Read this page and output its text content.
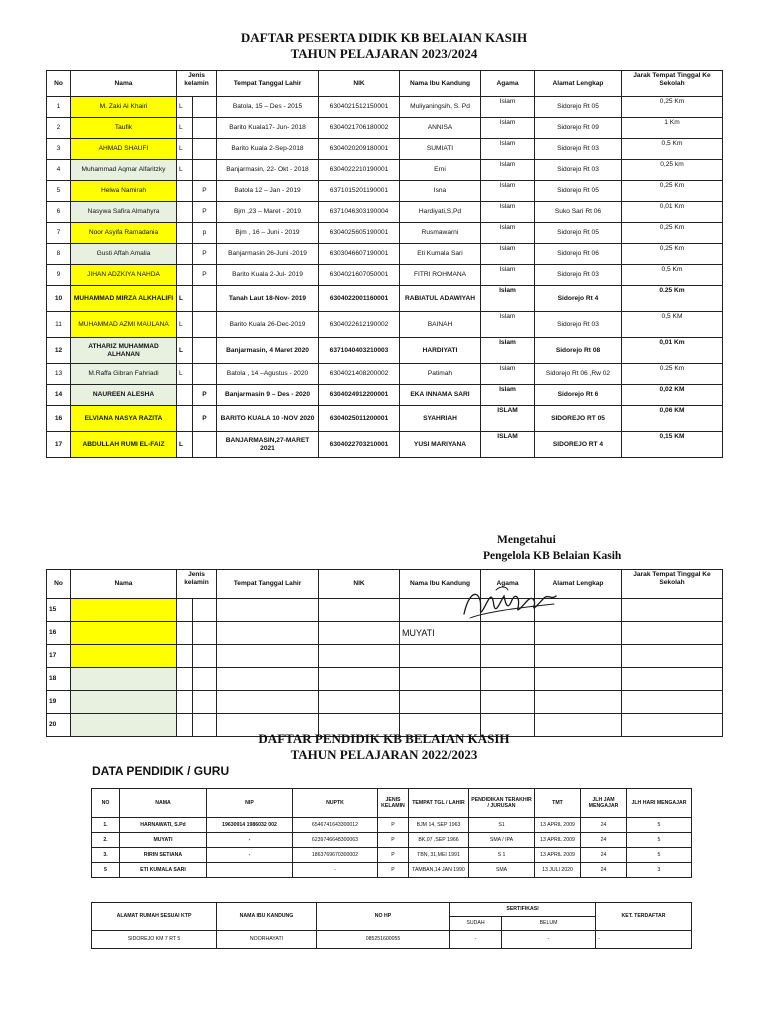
DAFTAR PESERTA DIDIK KB BELAIAN KASIH
TAHUN PELAJARAN 2023/2024
No	Nama	Jenis kelamin		Tempat Tanggal Lahir	NIK	Nama Ibu Kandung	Agama	Alamat Lengkap	Jarak Tempat Tinggal Ke Sekolah
1	M. Zaki Al Khairi	L		Batola, 15 – Des - 2015	6304021512150001	Muliyaningsih, S. Pd	Islam	Sidorejo Rt 05	0,25 Km
2	Taufik	L		Barito Kuala17- Jun- 2018	6304021706180002	ANNISA	Islam	Sidorejo Rt 09	1 Km
3	AHMAD SHAUFI	L		Barito Kuala 2-Sep-2018	6304020209180001	SUMIATI	Islam	Sidorejo Rt 03	0,5 Km
4	Muhammad Aqmar Alfaritzky	L		Banjarmasin, 22- Okt - 2018	6304022210190001	Erni	Islam	Sidorejo Rt 03	0,25 km
5	Helwa Namirah		P	Batola 12 – Jan - 2019	6371015201190001	Isna	Islam	Sidorejo Rt 05	0,25 Km
6	Nasywa Safira Almahyra		P	Bjm ,23 – Maret - 2019	6371046303190004	Hardiyati,S,Pd	Islam	Suko Sari Rt 06	0,01 Km
7	Noor Asyifa Ramadania		p	Bjm , 16 – Juni - 2019	6304025605190001	Rusmawarni	Islam	Sidorejo Rt 05	0,25 Km
8	Gusti Affah Amalia		P	Banjarmasin 26-Juni -2019	6303046607190001	Eti Kumala Sari	Islam	Sidorejo Rt 06	0,25 Km
9	JIHAN ADZKIYA NAHDA		P	Barito Kuala 2-Jul- 2019	6304021607050001	FITRI ROHMANA	Islam	Sidorejo Rt 03	0,5 Km
10	MUHAMMAD MIRZA ALKHALIFI	L		Tanah Laut 18-Nov- 2019	6304022001160001	RABIATUL ADAWIYAH	Islam	Sidorejo Rt 4	0.25 Km
11	MUHAMMAD AZMI MAULANA	L		Barito Kuala 26-Dec-2019	6304022612190002	BAINAH	Islam	Sidorejo Rt 03	0,5 KM
12	ATHARIZ MUHAMMAD ALHANAN	L		Banjarmasin, 4 Maret 2020	6371040403210003	HARDIYATI	Islam	Sidorejo Rt 08	0,01 Km
13	M.Raffa Gibran Fahriadi	L		Batola , 14 –Agustus - 2020	6304021408200002	Patimah	Islam	Sidorejo Rt 06 ,Rw 02	0.25 Km
14	NAUREEN ALESHA		P	Banjarmasin 9 – Des - 2020	6304024912200001	EKA INNAMA SARI	Islam	Sidorejo Rt 6	0,02 KM
16	ELVIANA NASYA RAZITA		P	BARITO KUALA 10 -NOV 2020	6304025011200001	SYAHRIAH	ISLAM	SIDOREJO RT 05	0,06 KM
17	ABDULLAH RUMI EL-FAIZ	L		BANJARMASIN,27-MARET 2021	6304022703210001	YUSI MARIYANA	ISLAM	SIDOREJO RT 4	0,15 KM
Mengetahui
Pengelola KB Belaian Kasih
No	Nama	Jenis kelamin		Tempat Tanggal Lahir	NIK	Nama Ibu Kandung	Agama	Alamat Lengkap	Jarak Tempat Tinggal Ke Sekolah
15									
16						MUYATI			
17									
18									
19									
20									
DAFTAR PENDIDIK KB BELAIAN KASIH
TAHUN PELAJARAN 2022/2023
DATA PENDIDIK / GURU
NO	NAMA	NIP	NUPTK	JENIS KELAMIN	TEMPAT TGL / LAHIR	PENDIDIKAN TERAKHIR / JURUSAN	TMT	JLH JAM MENGAJAR	JLH HARI MENGAJAR
1.	HARNAWATI, S.Pd	19630914 1986032 002	6546741643300012	P	BJM 14, SEP 1963	S1	13 APRIL 2009	24	5
2.	MUYATI	-	6239746648300063	P	BK,07 ,SEP 1966	SMA / IPA	13 APRIL 2009	24	5
3.	RIRIN SETIANA	-	1863769670300002	P	TBN, 31,MEI 1991	S 1	13 APRIL 2009	24	5
5	ETI KUMALA SARI		-	P	TAMBAN,14 JAN 1990	SMA	13 JULI 2020	24	3
ALAMAT RUMAH SESUAI KTP	NAMA IBU KANDUNG	NO HP	SERTIFIKASI		KET. TERDAFTAR
			SUDAH	BELUM	
SIDOREJO KM 7 RT 5	NOORHAYATI	085251600055	-	-	-
